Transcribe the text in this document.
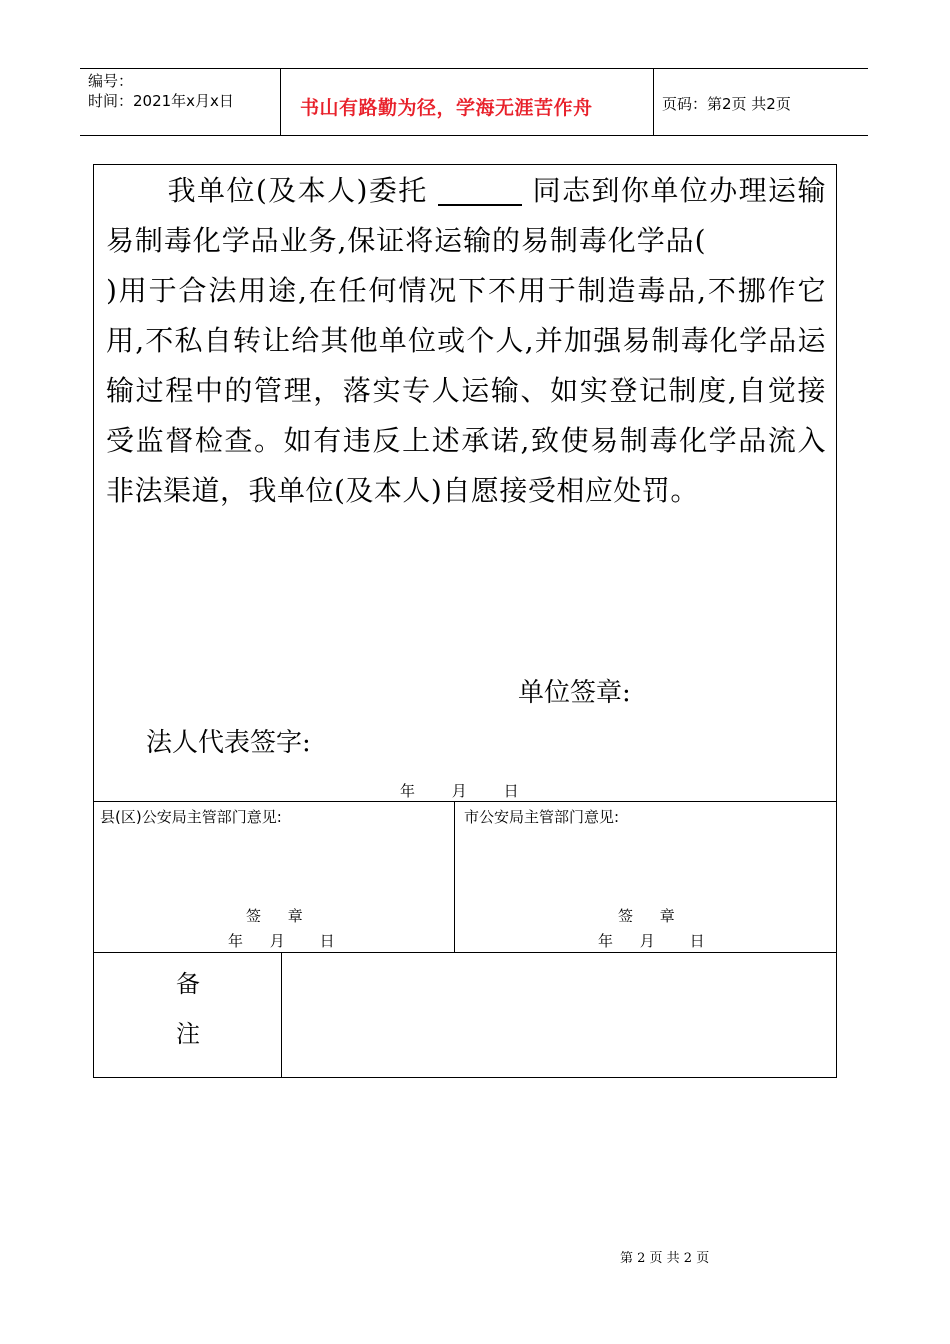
编号：
时间：2021年x月x日	书山有路勤为径，学海无涯苦作舟	页码：第2页 共2页
我单位(及本人)委托	同志到你单位办理运输易制毒化学品业务,保证将运输的易制毒化学品()用于合法用途,在任何情况下不用于制造毒品,不挪作它用,不私自转让给其他单位或个人,并加强易制毒化学品运输过程中的管理，落实专人运输、如实登记制度,自觉接受监督检查。如有违反上述承诺,致使易制毒化学品流入非法渠道，我单位(及本人)自愿接受相应处罚。
单位签章:
法人代表签字:
年 月 日
县(区)公安局主管部门意见:
签 章
年 月 日
市公安局主管部门意见:
签 章
年 月 日
备
注
第 2 页 共 2 页
